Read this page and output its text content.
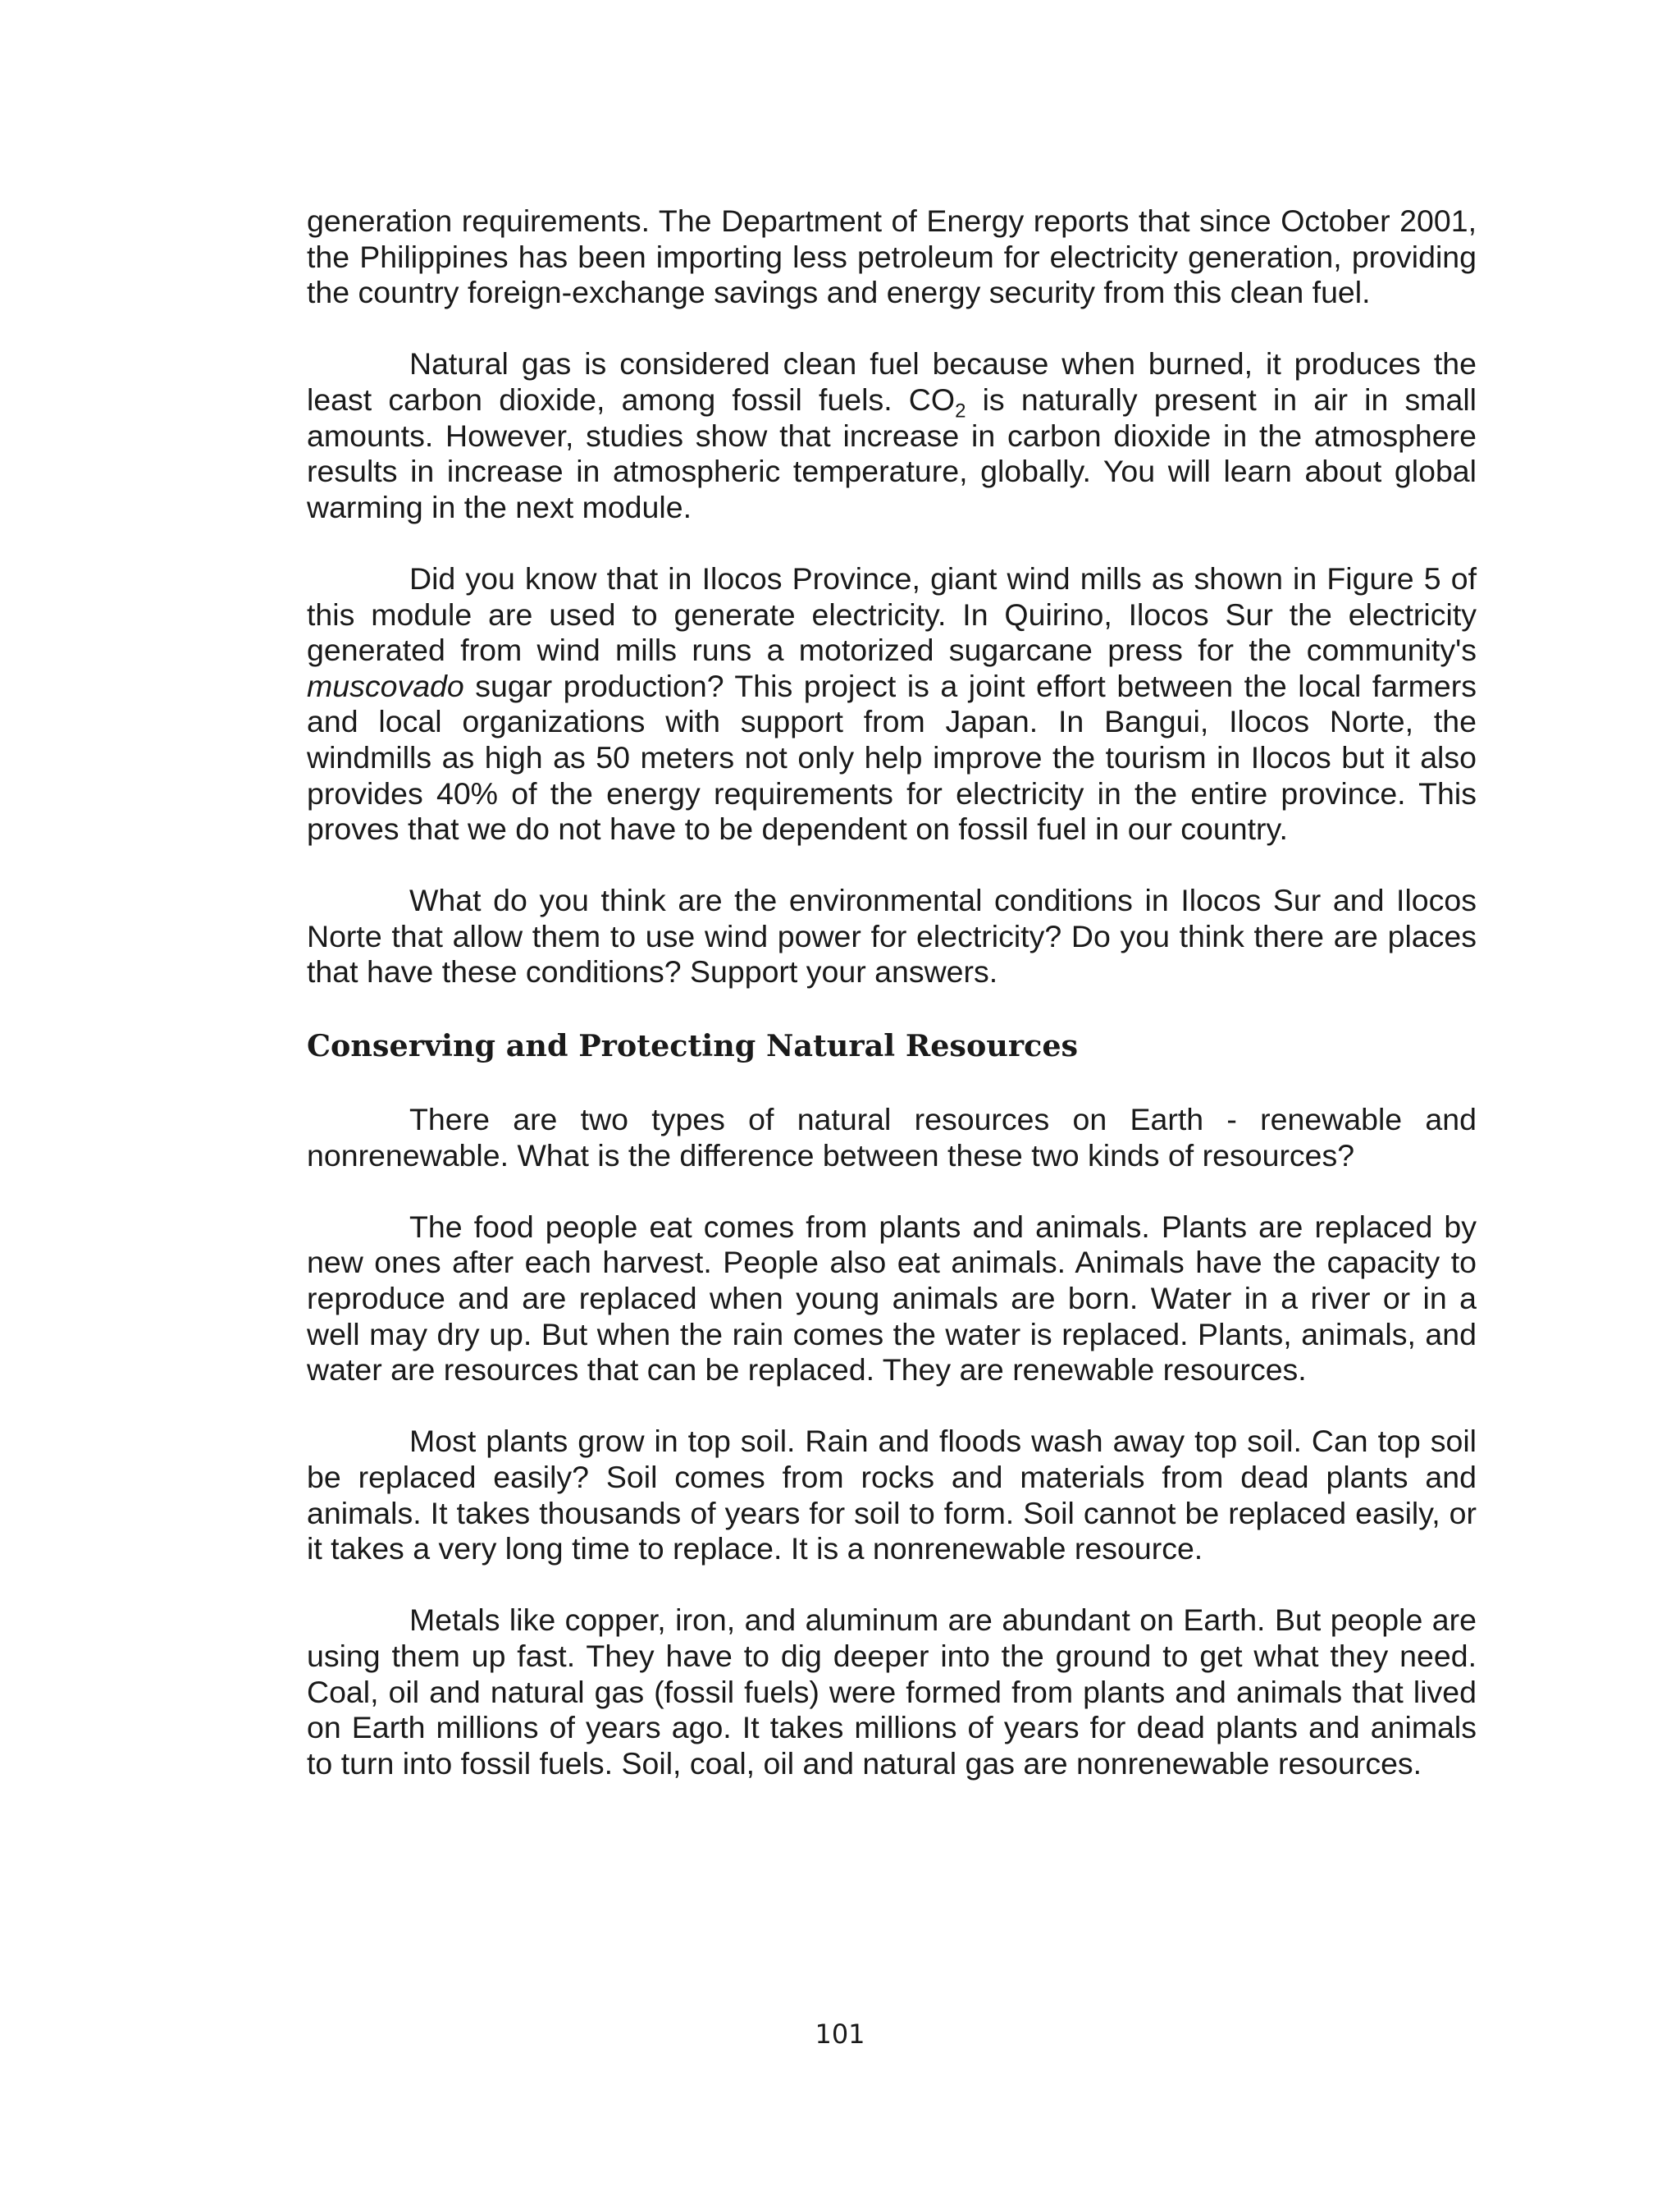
generation requirements. The Department of Energy reports that since October 2001, the Philippines has been importing less petroleum for electricity generation, providing the country foreign-exchange savings and energy security from this clean fuel.

Natural gas is considered clean fuel because when burned, it produces the least carbon dioxide, among fossil fuels. $CO_2$ is naturally present in air in small amounts. However, studies show that increase in carbon dioxide in the atmosphere results in increase in atmospheric temperature, globally. You will learn about global warming in the next module.

Did you know that in Ilocos Province, giant wind mills as shown in Figure 5 of this module are used to generate electricity. In Quirino, Ilocos Sur the electricity generated from wind mills runs a motorized sugarcane press for the community's muscovado sugar production? This project is a joint effort between the local farmers and local organizations with support from Japan. In Bangui, Ilocos Norte, the windmills as high as 50 meters not only help improve the tourism in Ilocos but it also provides 40% of the energy requirements for electricity in the entire province. This proves that we do not have to be dependent on fossil fuel in our country.

What do you think are the environmental conditions in Ilocos Sur and Ilocos Norte that allow them to use wind power for electricity? Do you think there are places that have these conditions? Support your answers.

Conserving and Protecting Natural Resources

There are two types of natural resources on Earth - renewable and nonrenewable. What is the difference between these two kinds of resources?

The food people eat comes from plants and animals. Plants are replaced by new ones after each harvest. People also eat animals. Animals have the capacity to reproduce and are replaced when young animals are born. Water in a river or in a well may dry up. But when the rain comes the water is replaced. Plants, animals, and water are resources that can be replaced. They are renewable resources.

Most plants grow in top soil. Rain and floods wash away top soil. Can top soil be replaced easily? Soil comes from rocks and materials from dead plants and animals. It takes thousands of years for soil to form. Soil cannot be replaced easily, or it takes a very long time to replace. It is a nonrenewable resource.

Metals like copper, iron, and aluminum are abundant on Earth. But people are using them up fast. They have to dig deeper into the ground to get what they need. Coal, oil and natural gas (fossil fuels) were formed from plants and animals that lived on Earth millions of years ago. It takes millions of years for dead plants and animals to turn into fossil fuels. Soil, coal, oil and natural gas are nonrenewable resources.

101
